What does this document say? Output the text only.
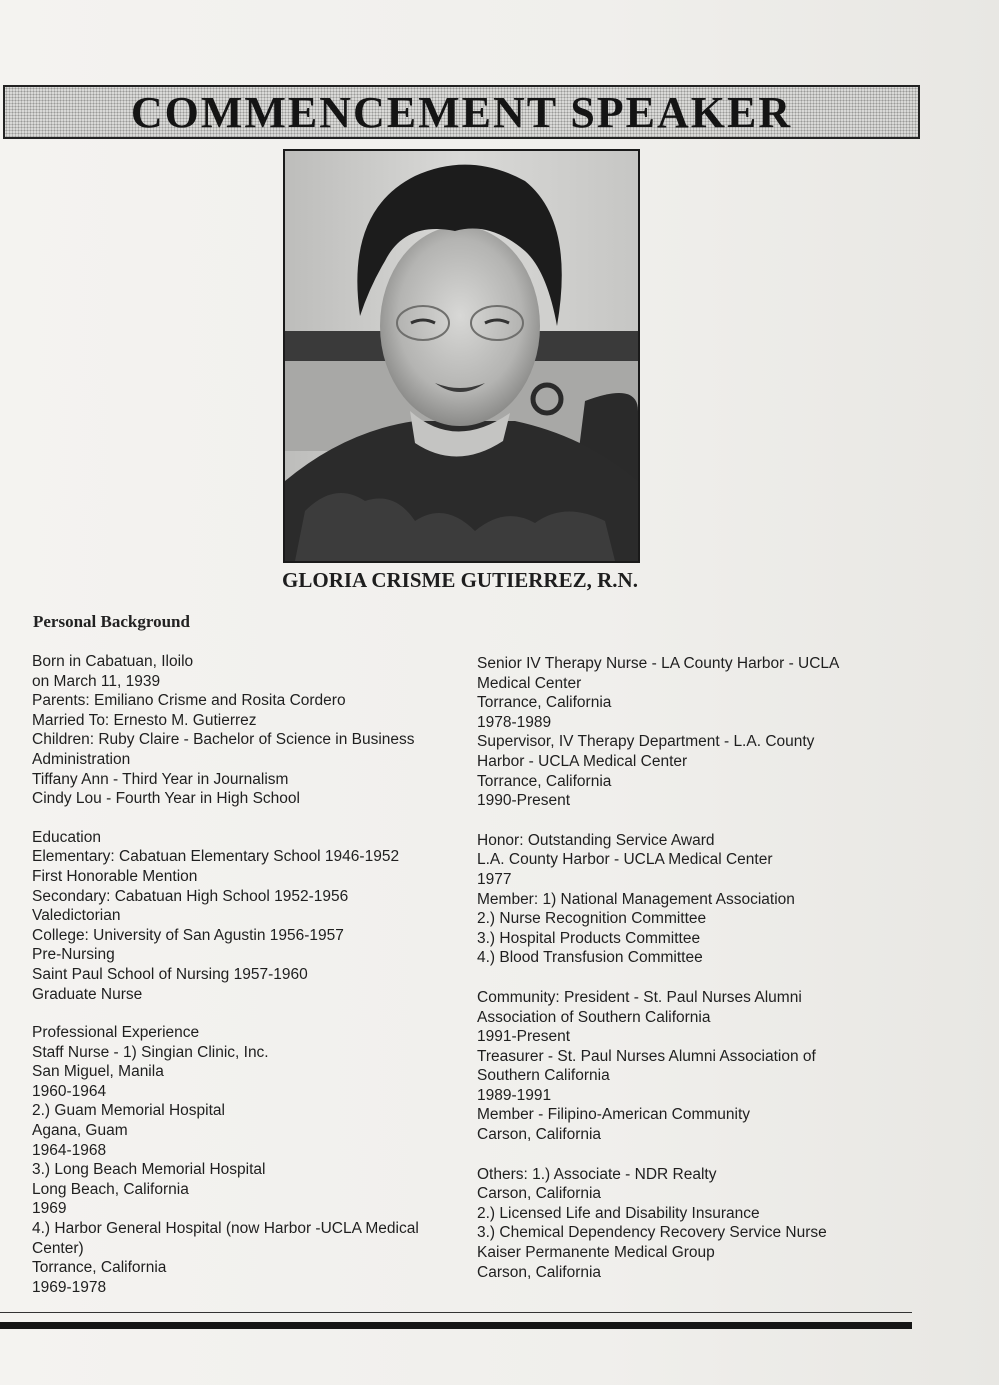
COMMENCEMENT SPEAKER
GLORIA CRISME GUTIERREZ, R.N.
Personal Background
Born in Cabatuan, Iloilo
on March 11, 1939
Parents: Emiliano Crisme and Rosita Cordero
Married To: Ernesto M. Gutierrez
Children: Ruby Claire - Bachelor of Science in Business
Administration
Tiffany Ann - Third Year in Journalism
Cindy Lou - Fourth Year in High School
Education
Elementary: Cabatuan Elementary School 1946-1952
First Honorable Mention
Secondary: Cabatuan High School 1952-1956
Valedictorian
College: University of San Agustin 1956-1957
Pre-Nursing
Saint Paul School of Nursing 1957-1960
Graduate Nurse
Professional Experience
Staff Nurse - 1) Singian Clinic, Inc.
San Miguel, Manila
1960-1964
2.) Guam Memorial Hospital
Agana, Guam
1964-1968
3.) Long Beach Memorial Hospital
Long Beach, California
1969
4.) Harbor General Hospital (now Harbor -UCLA Medical
Center)
Torrance, California
1969-1978
Senior IV Therapy Nurse - LA County Harbor - UCLA
Medical Center
Torrance, California
1978-1989
Supervisor, IV Therapy Department - L.A. County
Harbor - UCLA Medical Center
Torrance, California
1990-Present
Honor: Outstanding Service Award
L.A. County Harbor - UCLA Medical Center
1977
Member: 1) National Management Association
2.) Nurse Recognition Committee
3.) Hospital Products Committee
4.) Blood Transfusion Committee
Community: President - St. Paul Nurses Alumni
Association of Southern California
1991-Present
Treasurer - St. Paul Nurses Alumni Association of
Southern California
1989-1991
Member - Filipino-American Community
Carson, California
Others: 1.) Associate - NDR Realty
Carson, California
2.) Licensed Life and Disability Insurance
3.) Chemical Dependency Recovery Service Nurse
Kaiser Permanente Medical Group
Carson, California
